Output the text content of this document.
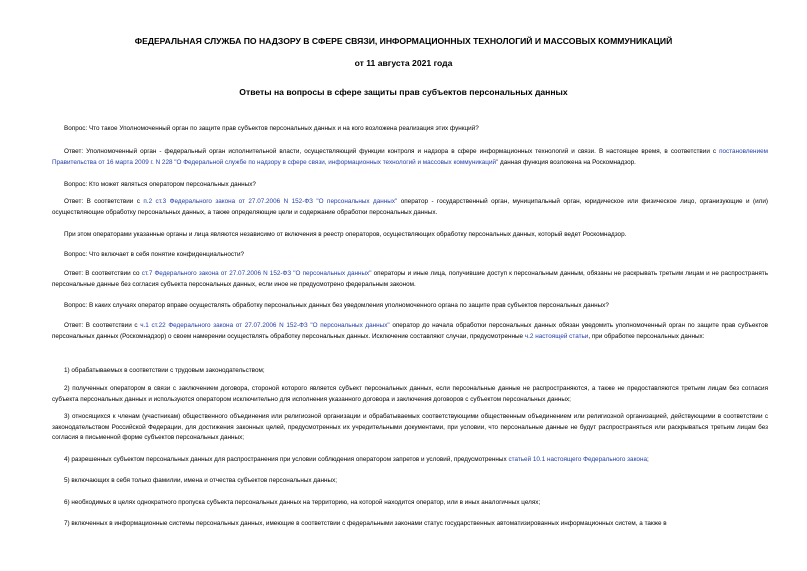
ФЕДЕРАЛЬНАЯ СЛУЖБА ПО НАДЗОРУ В СФЕРЕ СВЯЗИ, ИНФОРМАЦИОННЫХ ТЕХНОЛОГИЙ И МАССОВЫХ КОММУНИКАЦИЙ
от 11 августа 2021 года
Ответы на вопросы в сфере защиты прав субъектов персональных данных

Вопрос: Что такое Уполномоченный орган по защите прав субъектов персональных данных и на кого возложена реализация этих функций?

Ответ: Уполномоченный орган - федеральный орган исполнительной власти, осуществляющий функции контроля и надзора в сфере информационных технологий и связи. В настоящее время, в соответствии с постановлением Правительства от 16 марта 2009 г. N 228 "О Федеральной службе по надзору в сфере связи, информационных технологий и массовых коммуникаций" данная функция возложена на Роскомнадзор.

Вопрос: Кто может являться оператором персональных данных?

Ответ: В соответствии с п.2 ст.3 Федерального закона от 27.07.2006 N 152-ФЗ "О персональных данных" оператор - государственный орган, муниципальный орган, юридическое или физическое лицо, организующие и (или) осуществляющие обработку персональных данных, а также определяющие цели и содержание обработки персональных данных.

При этом операторами указанные органы и лица являются независимо от включения в реестр операторов, осуществляющих обработку персональных данных, который ведет Роскомнадзор.

Вопрос: Что включает в себя понятие конфиденциальности?

Ответ: В соответствии со ст.7 Федерального закона от 27.07.2006 N 152-ФЗ "О персональных данных" операторы и иные лица, получившие доступ к персональным данным, обязаны не раскрывать третьим лицам и не распространять персональные данные без согласия субъекта персональных данных, если иное не предусмотрено федеральным законом.

Вопрос: В каких случаях оператор вправе осуществлять обработку персональных данных без уведомления уполномоченного органа по защите прав субъектов персональных данных?

Ответ: В соответствии с ч.1 ст.22 Федерального закона от 27.07.2006 N 152-ФЗ "О персональных данных" оператор до начала обработки персональных данных обязан уведомить уполномоченный орган по защите прав субъектов персональных данных (Роскомнадзор) о своем намерении осуществлять обработку персональных данных. Исключение составляют случаи, предусмотренные ч.2 настоящей статьи, при обработке персональных данных:

1) обрабатываемых в соответствии с трудовым законодательством;

2) полученных оператором в связи с заключением договора, стороной которого является субъект персональных данных, если персональные данные не распространяются, а также не предоставляются третьим лицам без согласия субъекта персональных данных и используются оператором исключительно для исполнения указанного договора и заключения договоров с субъектом персональных данных;

3) относящихся к членам (участникам) общественного объединения или религиозной организации и обрабатываемых соответствующими общественным объединением или религиозной организацией, действующими в соответствии с законодательством Российской Федерации, для достижения законных целей, предусмотренных их учредительными документами, при условии, что персональные данные не будут распространяться или раскрываться третьим лицам без согласия в письменной форме субъектов персональных данных;

4) разрешенных субъектом персональных данных для распространения при условии соблюдения оператором запретов и условий, предусмотренных статьей 10.1 настоящего Федерального закона;

5) включающих в себя только фамилии, имена и отчества субъектов персональных данных;

6) необходимых в целях однократного пропуска субъекта персональных данных на территорию, на которой находится оператор, или в иных аналогичных целях;

7) включенных в информационные системы персональных данных, имеющие в соответствии с федеральными законами статус государственных автоматизированных информационных систем, а также в
